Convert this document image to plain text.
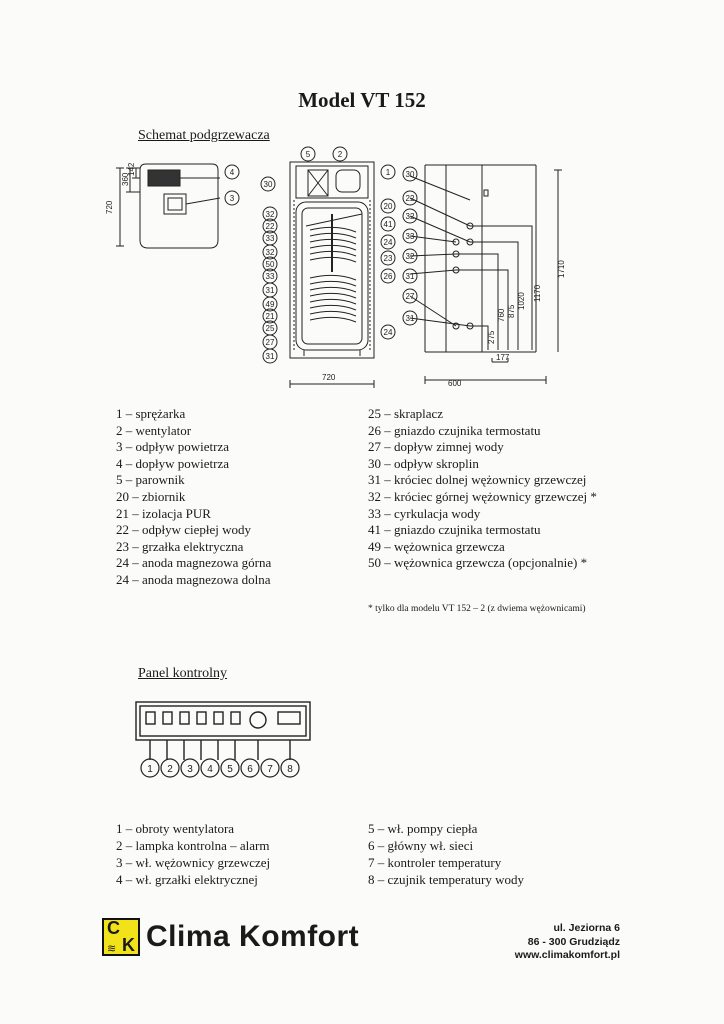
Model VT 152
Schemat podgrzewacza
720
360
142
720
600
177
1710
1170
1020
875
760
275
4
3
5	2
30
32
22
33
32
50
33
31
49
21
25
27
31
1
20
41
24
23
26
24
30
22
32
33
32
31
27
31
1 – sprężarka
2 – wentylator
3 – odpływ powietrza
4 – dopływ powietrza
5 – parownik
20 – zbiornik
21 – izolacja PUR
22 – odpływ ciepłej wody
23 – grzałka elektryczna
24 – anoda magnezowa górna
24 – anoda magnezowa dolna
25 – skraplacz
26 – gniazdo czujnika termostatu
27 – dopływ zimnej wody
30 – odpływ skroplin
31 – króciec dolnej wężownicy grzewczej
32 – króciec górnej wężownicy grzewczej *
33 – cyrkulacja wody
41 – gniazdo czujnika termostatu
49 – wężownica grzewcza
50 – wężownica grzewcza (opcjonalnie) *
* tylko dla modelu VT 152 – 2 (z dwiema wężownicami)
Panel kontrolny
1 2 3 4 5 6 7 8
1 – obroty wentylatora
2 – lampka kontrolna – alarm
3 – wł. wężownicy grzewczej
4 – wł. grzałki elektrycznej
5 – wł. pompy ciepła
6 – główny wł. sieci
7 – kontroler temperatury
8 – czujnik temperatury wody
C
≋ K Clima Komfort	ul. Jeziorna 6
86 - 300 Grudziądz
www.climakomfort.pl
